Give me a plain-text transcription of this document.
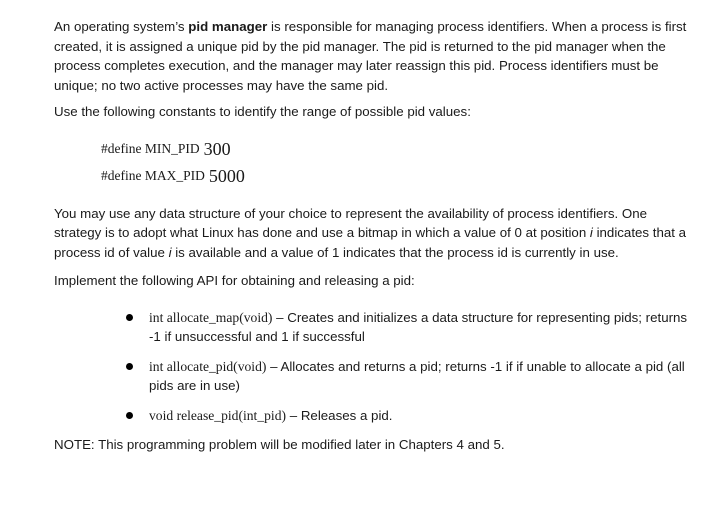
An operating system’s pid manager is responsible for managing process identifiers. When a process is first created, it is assigned a unique pid by the pid manager. The pid is returned to the pid manager when the process completes execution, and the manager may later reassign this pid. Process identifiers must be unique; no two active processes may have the same pid.

Use the following constants to identify the range of possible pid values:

#define MIN_PID 300
#define MAX_PID 5000

You may use any data structure of your choice to represent the availability of process identifiers. One strategy is to adopt what Linux has done and use a bitmap in which a value of 0 at position i indicates that a process id of value i is available and a value of 1 indicates that the process id is currently in use.

Implement the following API for obtaining and releasing a pid:

int allocate_map(void) – Creates and initializes a data structure for representing pids; returns -1 if unsuccessful and 1 if successful
int allocate_pid(void) – Allocates and returns a pid; returns -1 if if unable to allocate a pid (all pids are in use)
void release_pid(int_pid) – Releases a pid.

NOTE: This programming problem will be modified later in Chapters 4 and 5.
